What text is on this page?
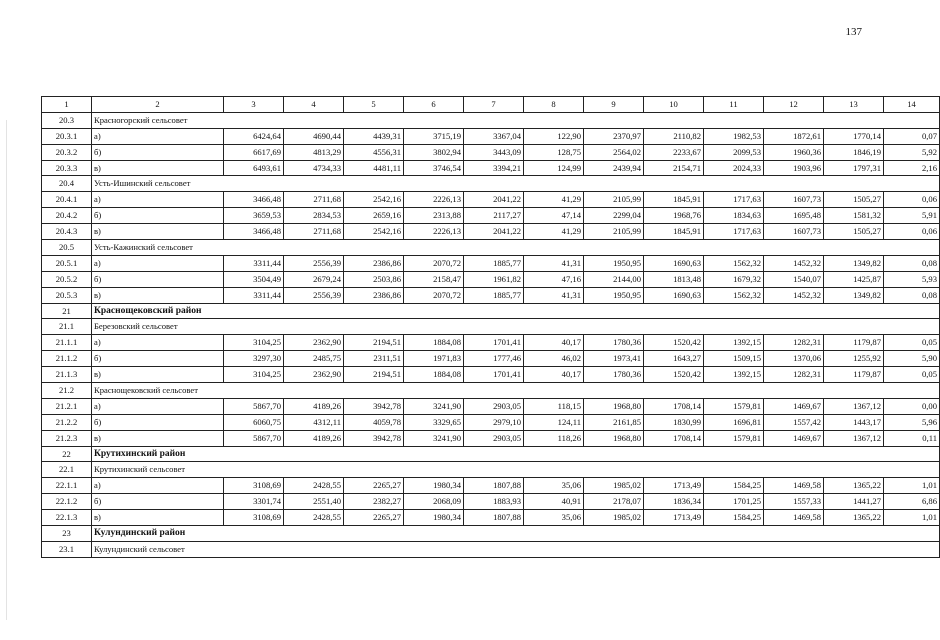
137
1	2	3	4	5	6	7	8	9	10	11	12	13	14
20.3	Красногорский сельсовет												
20.3.1	а)	6424,64	4690,44	4439,31	3715,19	3367,04	122,90	2370,97	2110,82	1982,53	1872,61	1770,14	0,07
20.3.2	б)	6617,69	4813,29	4556,31	3802,94	3443,09	128,75	2564,02	2233,67	2099,53	1960,36	1846,19	5,92
20.3.3	в)	6493,61	4734,33	4481,11	3746,54	3394,21	124,99	2439,94	2154,71	2024,33	1903,96	1797,31	2,16
20.4	Усть-Ишинский сельсовет												
20.4.1	а)	3466,48	2711,68	2542,16	2226,13	2041,22	41,29	2105,99	1845,91	1717,63	1607,73	1505,27	0,06
20.4.2	б)	3659,53	2834,53	2659,16	2313,88	2117,27	47,14	2299,04	1968,76	1834,63	1695,48	1581,32	5,91
20.4.3	в)	3466,48	2711,68	2542,16	2226,13	2041,22	41,29	2105,99	1845,91	1717,63	1607,73	1505,27	0,06
20.5	Усть-Кажинский сельсовет												
20.5.1	а)	3311,44	2556,39	2386,86	2070,72	1885,77	41,31	1950,95	1690,63	1562,32	1452,32	1349,82	0,08
20.5.2	б)	3504,49	2679,24	2503,86	2158,47	1961,82	47,16	2144,00	1813,48	1679,32	1540,07	1425,87	5,93
20.5.3	в)	3311,44	2556,39	2386,86	2070,72	1885,77	41,31	1950,95	1690,63	1562,32	1452,32	1349,82	0,08
21	Краснощековский район												
21.1	Березовский сельсовет												
21.1.1	а)	3104,25	2362,90	2194,51	1884,08	1701,41	40,17	1780,36	1520,42	1392,15	1282,31	1179,87	0,05
21.1.2	б)	3297,30	2485,75	2311,51	1971,83	1777,46	46,02	1973,41	1643,27	1509,15	1370,06	1255,92	5,90
21.1.3	в)	3104,25	2362,90	2194,51	1884,08	1701,41	40,17	1780,36	1520,42	1392,15	1282,31	1179,87	0,05
21.2	Краснощековский сельсовет												
21.2.1	а)	5867,70	4189,26	3942,78	3241,90	2903,05	118,15	1968,80	1708,14	1579,81	1469,67	1367,12	0,00
21.2.2	б)	6060,75	4312,11	4059,78	3329,65	2979,10	124,11	2161,85	1830,99	1696,81	1557,42	1443,17	5,96
21.2.3	в)	5867,70	4189,26	3942,78	3241,90	2903,05	118,26	1968,80	1708,14	1579,81	1469,67	1367,12	0,11
22	Крутихинский район												
22.1	Крутихинский сельсовет												
22.1.1	а)	3108,69	2428,55	2265,27	1980,34	1807,88	35,06	1985,02	1713,49	1584,25	1469,58	1365,22	1,01
22.1.2	б)	3301,74	2551,40	2382,27	2068,09	1883,93	40,91	2178,07	1836,34	1701,25	1557,33	1441,27	6,86
22.1.3	в)	3108,69	2428,55	2265,27	1980,34	1807,88	35,06	1985,02	1713,49	1584,25	1469,58	1365,22	1,01
23	Кулундинский район												
23.1	Кулундинский сельсовет												
